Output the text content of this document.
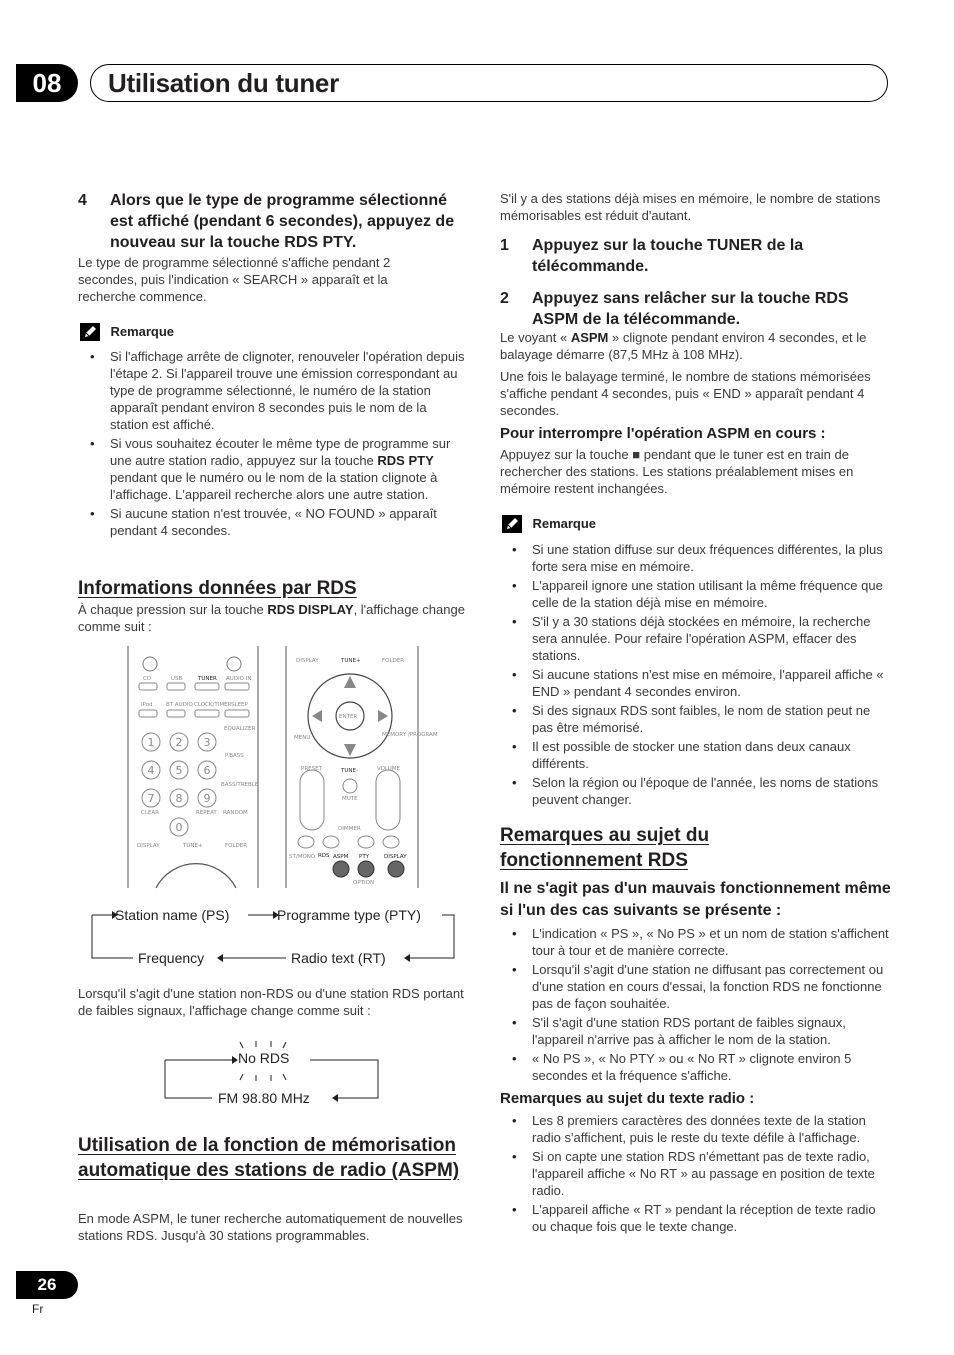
08	Utilisation du tuner
4 Alors que le type de programme sélectionné est affiché (pendant 6 secondes), appuyez de nouveau sur la touche RDS PTY.
Le type de programme sélectionné s'affiche pendant 2 secondes, puis l'indication « SEARCH » apparaît et la recherche commence.
Remarque
• Si l'affichage arrête de clignoter, renouveler l'opération depuis l'étape 2. Si l'appareil trouve une émission correspondant au type de programme sélectionné, le numéro de la station apparaît pendant environ 8 secondes puis le nom de la station est affiché.
• Si vous souhaitez écouter le même type de programme sur une autre station radio, appuyez sur la touche RDS PTY pendant que le numéro ou le nom de la station clignote à l'affichage. L'appareil recherche alors une autre station.
• Si aucune station n'est trouvée, « NO FOUND » apparaît pendant 4 secondes.
Informations données par RDS
À chaque pression sur la touche RDS DISPLAY, l'affichage change comme suit :
CD	USB	TUNER AUDIO IN
iPod BT AUDIO CLOCK/TIMER SLEEP
EQUALIZER
P.BASS
BASS/TREBLE
CLEAR	REPEAT RANDOM
DISPLAY	TUNE+	FOLDER
1 2 3
4 5 6
7 8 9
0
DISPLAY	TUNE+	FOLDER
ENTER
MENU	MEMORY /PROGRAM
PRESET	TUNE-	VOLUME
MUTE
DIMMER
ST/MONO RDS ASPM PTY	DISPLAY
OPTION
Station name (PS)	Programme type (PTY)
Frequency	Radio text (RT)
Lorsqu'il s'agit d'une station non-RDS ou d'une station RDS portant de faibles signaux, l'affichage change comme suit :
No RDS
FM 98.80 MHz
Utilisation de la fonction de mémorisation automatique des stations de radio (ASPM)
En mode ASPM, le tuner recherche automatiquement de nouvelles stations RDS. Jusqu'à 30 stations programmables.
S'il y a des stations déjà mises en mémoire, le nombre de stations mémorisables est réduit d'autant.
1 Appuyez sur la touche TUNER de la télécommande.
2 Appuyez sans relâcher sur la touche RDS ASPM de la télécommande.
Le voyant « ASPM » clignote pendant environ 4 secondes, et le balayage démarre (87,5 MHz à 108 MHz).
Une fois le balayage terminé, le nombre de stations mémorisées s'affiche pendant 4 secondes, puis « END » apparaît pendant 4 secondes.
Pour interrompre l'opération ASPM en cours :
Appuyez sur la touche ■ pendant que le tuner est en train de rechercher des stations. Les stations préalablement mises en mémoire restent inchangées.
Remarque
• Si une station diffuse sur deux fréquences différentes, la plus forte sera mise en mémoire.
• L'appareil ignore une station utilisant la même fréquence que celle de la station déjà mise en mémoire.
• S'il y a 30 stations déjà stockées en mémoire, la recherche sera annulée. Pour refaire l'opération ASPM, effacer des stations.
• Si aucune stations n'est mise en mémoire, l'appareil affiche « END » pendant 4 secondes environ.
• Si des signaux RDS sont faibles, le nom de station peut ne pas être mémorisé.
• Il est possible de stocker une station dans deux canaux différents.
• Selon la région ou l'époque de l'année, les noms de stations peuvent changer.
Remarques au sujet du fonctionnement RDS
Il ne s'agit pas d'un mauvais fonctionnement même si l'un des cas suivants se présente :
• L'indication « PS », « No PS » et un nom de station s'affichent tour à tour et de manière correcte.
• Lorsqu'il s'agit d'une station ne diffusant pas correctement ou d'une station en cours d'essai, la fonction RDS ne fonctionne pas de façon souhaitée.
• S'il s'agit d'une station RDS portant de faibles signaux, l'appareil n'arrive pas à afficher le nom de la station.
• « No PS », « No PTY » ou « No RT » clignote environ 5 secondes et la fréquence s'affiche.
Remarques au sujet du texte radio :
• Les 8 premiers caractères des données texte de la station radio s'affichent, puis le reste du texte défile à l'affichage.
• Si on capte une station RDS n'émettant pas de texte radio, l'appareil affiche « No RT » au passage en position de texte radio.
• L'appareil affiche « RT » pendant la réception de texte radio ou chaque fois que le texte change.
26
Fr
